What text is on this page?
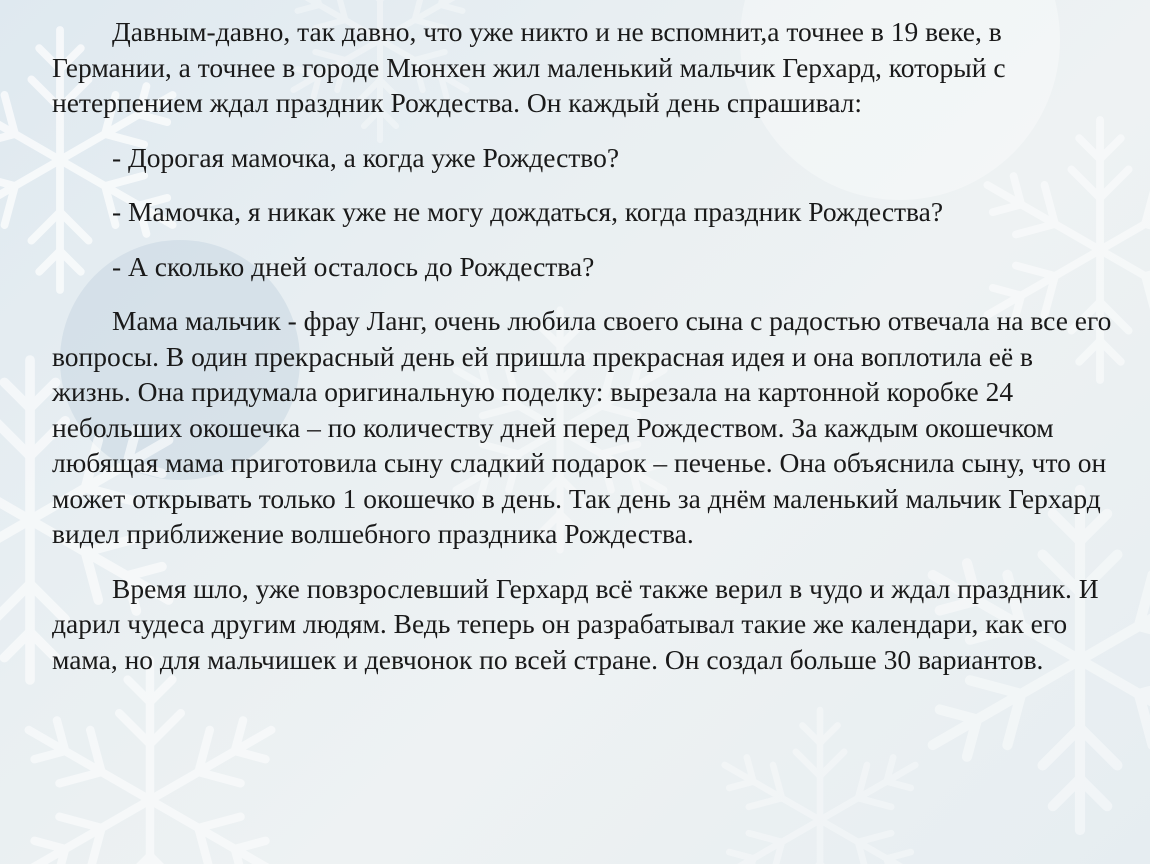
Давным-давно, так давно, что уже никто и не вспомнит,а точнее в 19 веке, в Германии, а точнее в городе Мюнхен жил маленький мальчик Герхард, который с нетерпением ждал праздник Рождества. Он каждый день спрашивал:

- Дорогая мамочка, а когда уже Рождество?

- Мамочка, я никак уже не могу дождаться, когда праздник Рождества?

- А сколько дней осталось до Рождества?

Мама мальчик - фрау Ланг, очень любила своего сына с радостью отвечала на все его вопросы. В один прекрасный день ей пришла прекрасная идея и она воплотила её в жизнь. Она придумала оригинальную поделку: вырезала на картонной коробке 24 небольших окошечка – по количеству дней перед Рождеством. За каждым окошечком любящая мама приготовила сыну сладкий подарок – печенье. Она объяснила сыну, что он может открывать только 1 окошечко в день. Так день за днём маленький мальчик Герхард видел приближение волшебного праздника Рождества.

Время шло, уже повзрослевший Герхард всё также верил в чудо и ждал праздник. И дарил чудеса другим людям. Ведь теперь он разрабатывал такие же календари, как его мама, но для мальчишек и девчонок по всей стране. Он создал больше 30 вариантов.
